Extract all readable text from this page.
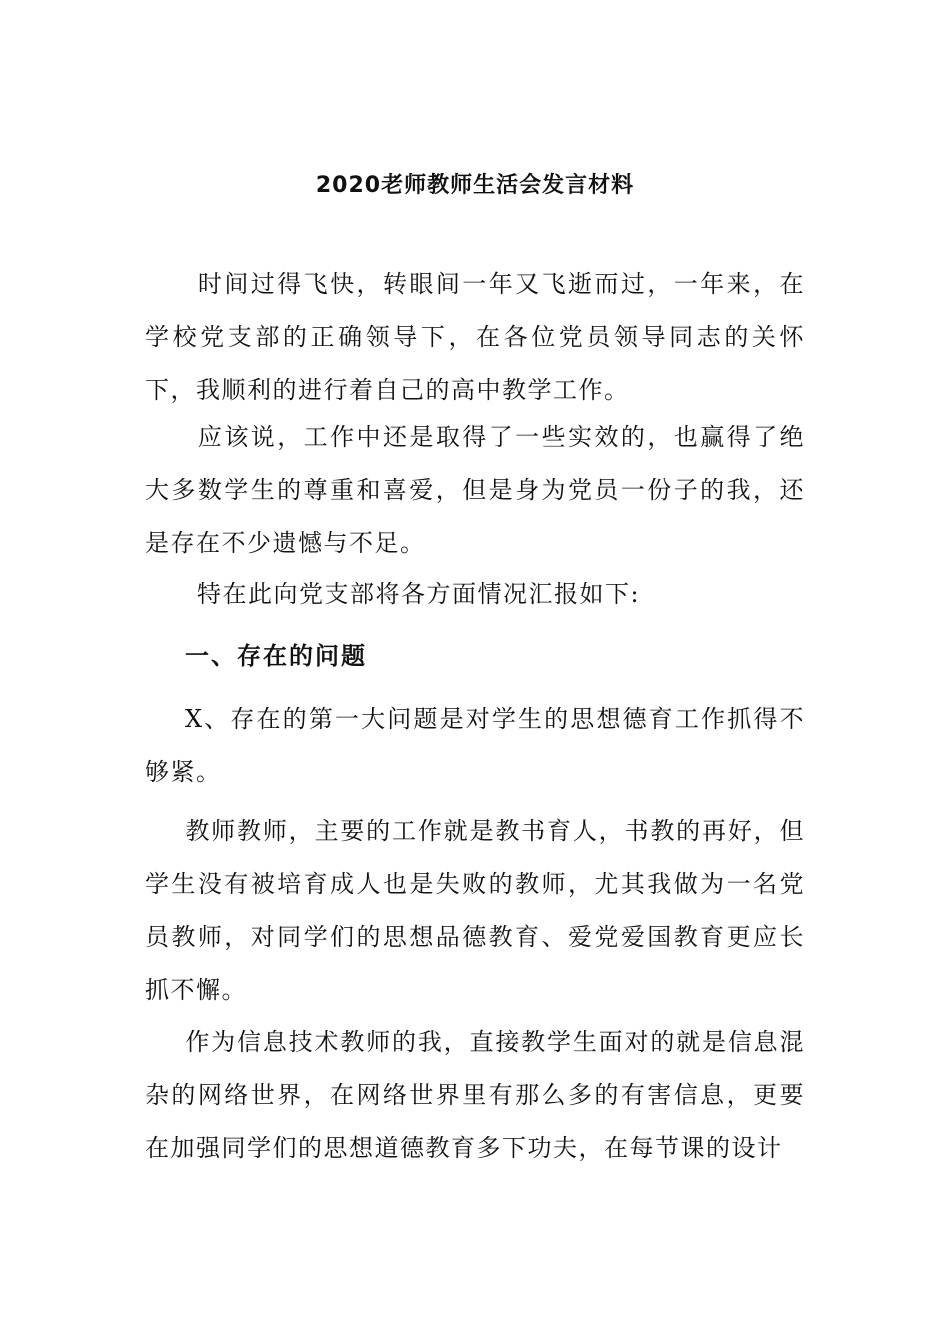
2020老师教师生活会发言材料

时间过得飞快，转眼间一年又飞逝而过，一年来，在学校党支部的正确领导下，在各位党员领导同志的关怀下，我顺利的进行着自己的高中教学工作。

应该说，工作中还是取得了一些实效的，也赢得了绝大多数学生的尊重和喜爱，但是身为党员一份子的我，还是存在不少遗憾与不足。

特在此向党支部将各方面情况汇报如下:

一、存在的问题

X、存在的第一大问题是对学生的思想德育工作抓得不够紧。

教师教师，主要的工作就是教书育人，书教的再好，但学生没有被培育成人也是失败的教师，尤其我做为一名党员教师，对同学们的思想品德教育、爱党爱国教育更应长抓不懈。

作为信息技术教师的我，直接教学生面对的就是信息混杂的网络世界，在网络世界里有那么多的有害信息，更要在加强同学们的思想道德教育多下功夫，在每节课的设计
